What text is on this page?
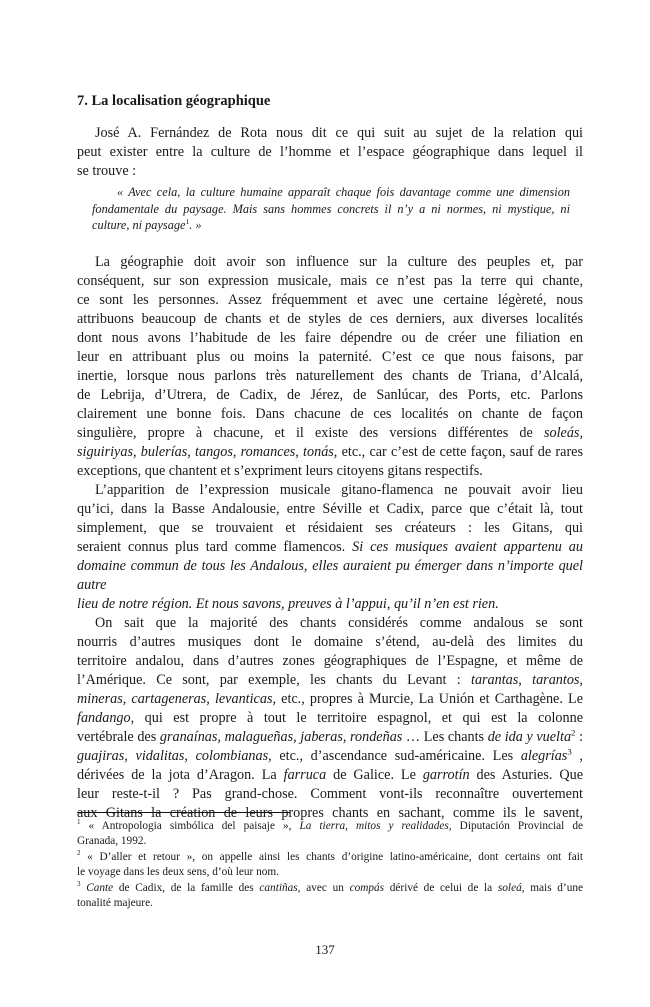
7. La localisation géographique
José A. Fernández de Rota nous dit ce qui suit au sujet de la relation qui
peut exister entre la culture de l’homme et l’espace géographique dans lequel il
se trouve :
« Avec cela, la culture humaine apparaît chaque fois davantage comme une dimension
fondamentale du paysage. Mais sans hommes concrets il n’y a ni normes, ni mystique, ni
culture, ni paysage$^1$. »
La géographie doit avoir son influence sur la culture des peuples et, par
conséquent, sur son expression musicale, mais ce n’est pas la terre qui chante,
ce sont les personnes. Assez fréquemment et avec une certaine légèreté, nous
attribuons beaucoup de chants et de styles de ces derniers, aux diverses localités
dont nous avons l’habitude de les faire dépendre ou de créer une filiation en
leur en attribuant plus ou moins la paternité. C’est ce que nous faisons, par
inertie, lorsque nous parlons très naturellement des chants de Triana, d’Alcalá,
de Lebrija, d’Utrera, de Cadix, de Jérez, de Sanlúcar, des Ports, etc. Parlons
clairement une bonne fois. Dans chacune de ces localités on chante de façon
singulière, propre à chacune, et il existe des versions différentes de soleás,
siguiriyas, bulerías, tangos, romances, tonás, etc., car c’est de cette façon, sauf de rares
exceptions, que chantent et s’expriment leurs citoyens gitans respectifs.
L’apparition de l’expression musicale gitano-flamenca ne pouvait avoir lieu
qu’ici, dans la Basse Andalousie, entre Séville et Cadix, parce que c’était là, tout
simplement, que se trouvaient et résidaient ses créateurs : les Gitans, qui
seraient connus plus tard comme flamencos. Si ces musiques avaient appartenu au
domaine commun de tous les Andalous, elles auraient pu émerger dans n’importe quel autre
lieu de notre région. Et nous savons, preuves à l’appui, qu’il n’en est rien.
On sait que la majorité des chants considérés comme andalous se sont
nourris d’autres musiques dont le domaine s’étend, au-delà des limites du
territoire andalou, dans d’autres zones géographiques de l’Espagne, et même de
l’Amérique. Ce sont, par exemple, les chants du Levant : tarantas, tarantos,
mineras, cartageneras, levanticas, etc., propres à Murcie, La Unión et Carthagène. Le
fandango, qui est propre à tout le territoire espagnol, et qui est la colonne
vertébrale des granaínas, malagueñas, jaberas, rondeñas … Les chants de ida y vuelta$^2$ :
guajiras, vidalitas, colombianas, etc., d’ascendance sud-américaine. Les alegrías$^3$ ,
dérivées de la jota d’Aragon. La farruca de Galice. Le garrotín des Asturies. Que
leur reste-t-il ? Pas grand-chose. Comment vont-ils reconnaître ouvertement
aux Gitans la création de leurs propres chants en sachant, comme ils le savent,
$^1$ « Antropologia simbólica del paisaje », La tierra, mitos y realidades, Diputación Provincial de
Granada, 1992.
$^2$ « D’aller et retour », on appelle ainsi les chants d’origine latino-américaine, dont certains ont fait
le voyage dans les deux sens, d’où leur nom.
$^3$ Cante de Cadix, de la famille des cantiñas, avec un compás dérivé de celui de la soleá, mais d’une
tonalité majeure.
137
